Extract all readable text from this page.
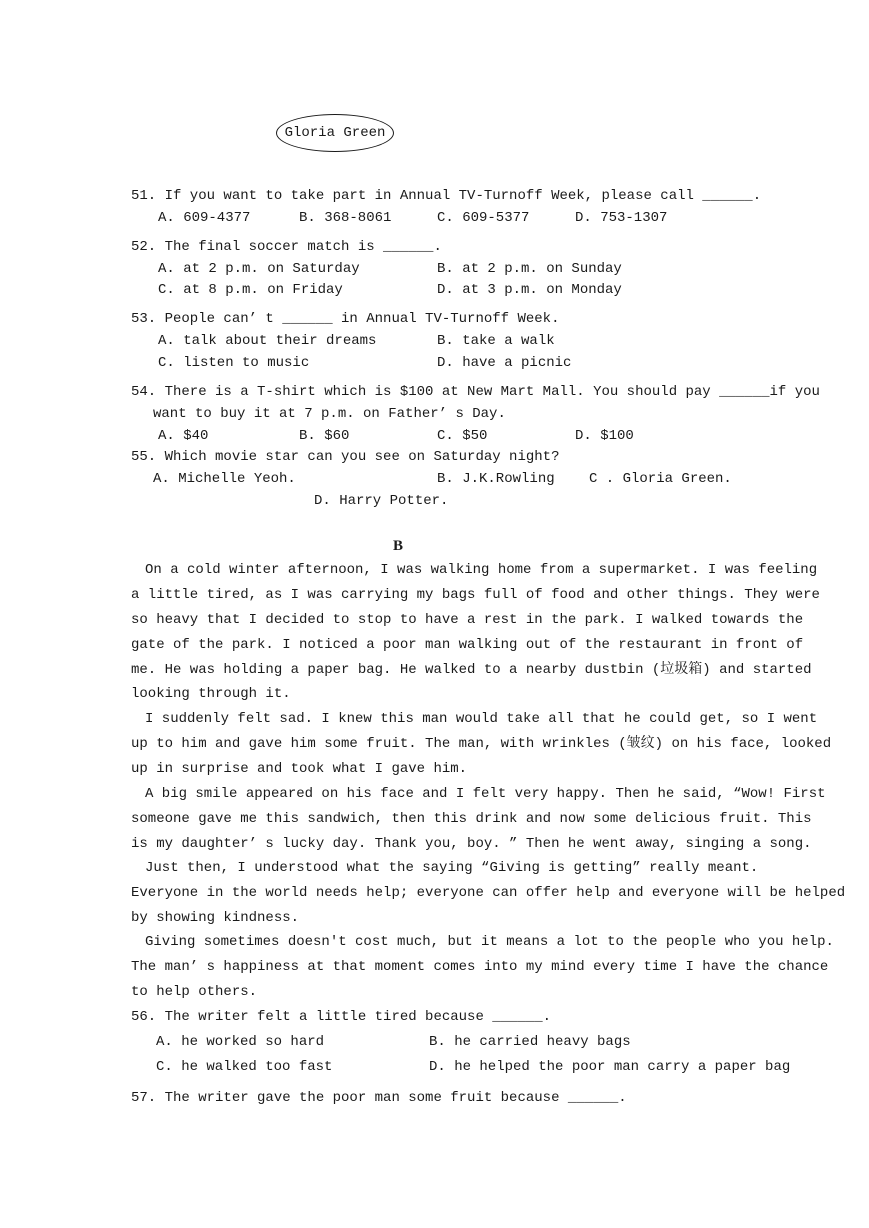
Gloria Green
51. If you want to take part in Annual TV-Turnoff Week, please call ______.
A. 609-4377	B. 368-8061	C. 609-5377	D. 753-1307
52. The final soccer match is ______.
A. at 2 p.m. on Saturday	B. at 2 p.m. on Sunday
C. at 8 p.m. on Friday	D. at 3 p.m. on Monday
53. People can’ t ______ in Annual TV-Turnoff Week.
A. talk about their dreams	B. take a walk
C. listen to music	D. have a picnic
54. There is a T-shirt which is $100 at New Mart Mall. You should pay ______if you
want to buy it at 7 p.m. on Father’ s Day.
A. $40	B. $60	C. $50	D. $100
55. Which movie star can you see on Saturday night?
A. Michelle Yeoh.	B. J.K.Rowling C . Gloria Green.
D. Harry Potter.
B
　On a cold winter afternoon, I was walking home from a supermarket. I was feeling
a little tired, as I was carrying my bags full of food and other things. They were
so heavy that I decided to stop to have a rest in the park. I walked towards the
gate of the park. I noticed a poor man walking out of the restaurant in front of
me. He was holding a paper bag. He walked to a nearby dustbin (垃圾箱) and started
looking through it.
　I suddenly felt sad. I knew this man would take all that he could get, so I went
up to him and gave him some fruit. The man, with wrinkles (皱纹) on his face, looked
up in surprise and took what I gave him.
　A big smile appeared on his face and I felt very happy. Then he said, “Wow! First
someone gave me this sandwich, then this drink and now some delicious fruit. This
is my daughter’ s lucky day. Thank you, boy. ” Then he went away, singing a song.
　Just then, I understood what the saying “Giving is getting” really meant.
Everyone in the world needs help; everyone can offer help and everyone will be helped
by showing kindness.
　Giving sometimes doesn't cost much, but it means a lot to the people who you help.
The man’ s happiness at that moment comes into my mind every time I have the chance
to help others.
56. The writer felt a little tired because ______.
A. he worked so hard	B. he carried heavy bags
C. he walked too fast	D. he helped the poor man carry a paper bag
57. The writer gave the poor man some fruit because ______.
